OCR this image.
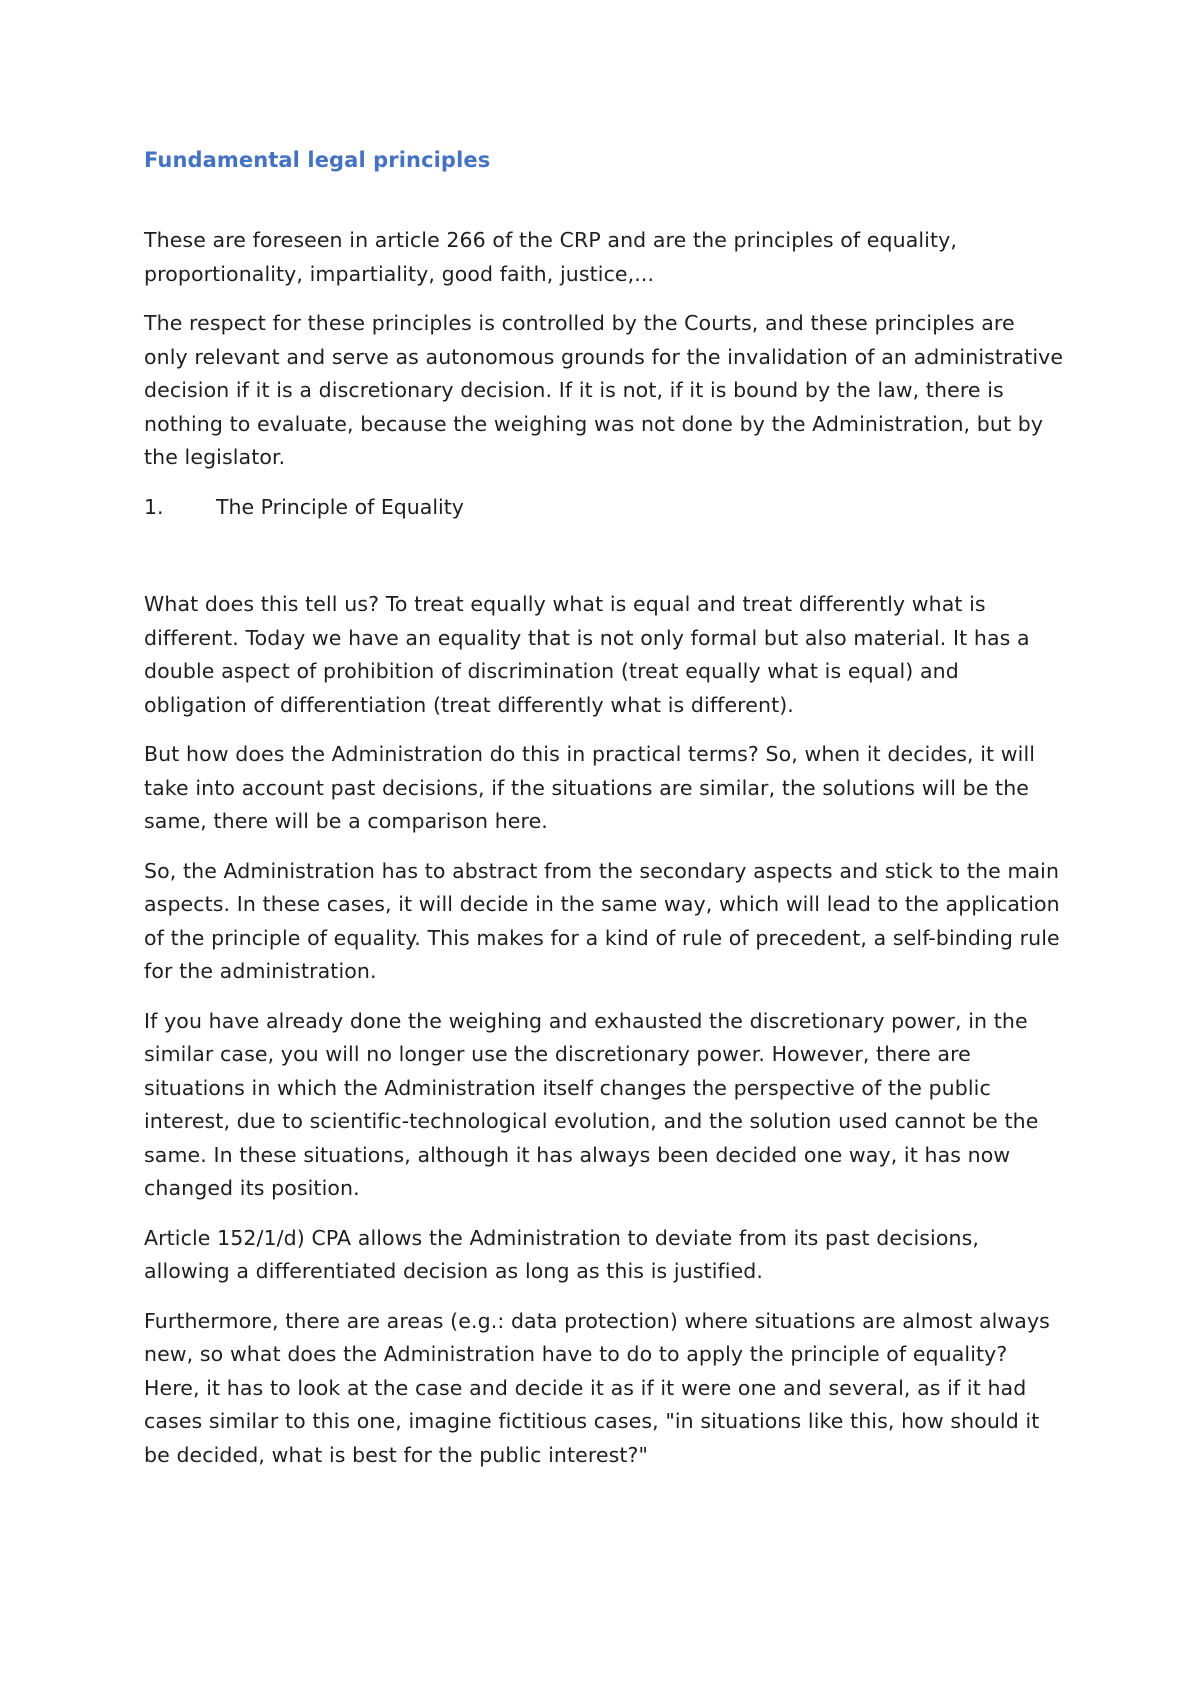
Fundamental legal principles

These are foreseen in article 266 of the CRP and are the principles of equality, proportionality, impartiality, good faith, justice,...

The respect for these principles is controlled by the Courts, and these principles are only relevant and serve as autonomous grounds for the invalidation of an administrative decision if it is a discretionary decision. If it is not, if it is bound by the law, there is nothing to evaluate, because the weighing was not done by the Administration, but by the legislator.

1.	The Principle of Equality

What does this tell us? To treat equally what is equal and treat differently what is different. Today we have an equality that is not only formal but also material. It has a double aspect of prohibition of discrimination (treat equally what is equal) and obligation of differentiation (treat differently what is different).

But how does the Administration do this in practical terms? So, when it decides, it will take into account past decisions, if the situations are similar, the solutions will be the same, there will be a comparison here.

So, the Administration has to abstract from the secondary aspects and stick to the main aspects. In these cases, it will decide in the same way, which will lead to the application of the principle of equality. This makes for a kind of rule of precedent, a self-binding rule for the administration.

If you have already done the weighing and exhausted the discretionary power, in the similar case, you will no longer use the discretionary power. However, there are situations in which the Administration itself changes the perspective of the public interest, due to scientific-technological evolution, and the solution used cannot be the same. In these situations, although it has always been decided one way, it has now changed its position.

Article 152/1/d) CPA allows the Administration to deviate from its past decisions, allowing a differentiated decision as long as this is justified.

Furthermore, there are areas (e.g.: data protection) where situations are almost always new, so what does the Administration have to do to apply the principle of equality? Here, it has to look at the case and decide it as if it were one and several, as if it had cases similar to this one, imagine fictitious cases, "in situations like this, how should it be decided, what is best for the public interest?"
